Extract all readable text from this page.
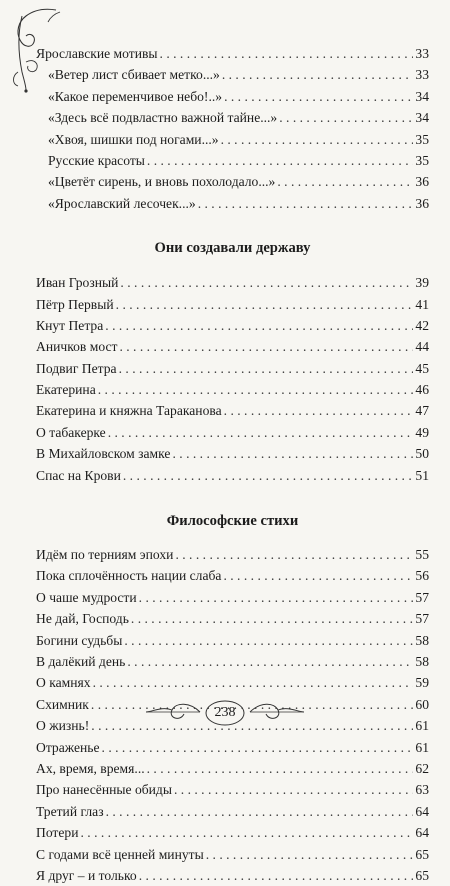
Ярославские мотивы . . .	33
«Ветер лист сбивает метко...» . . .	33
«Какое переменчивое небо!..» . . .	34
«Здесь всё подвластно важной тайне...» . . .	34
«Хвоя, шишки под ногами...» . . .	35
Русские красоты . . .	35
«Цветёт сирень, и вновь похолодало...» . . .	36
«Ярославский лесочек...» . . .	36
Они создавали державу
Иван Грозный . . .	39
Пётр Первый . . .	41
Кнут Петра . . .	42
Аничков мост . . .	44
Подвиг Петра . . .	45
Екатерина . . .	46
Екатерина и княжна Тараканова . . .	47
О табакерке . . .	49
В Михайловском замке . . .	50
Спас на Крови . . .	51
Философские стихи
Идём по терниям эпохи . . .	55
Пока сплочённость нации слаба . . .	56
О чаше мудрости . . .	57
Не дай, Господь . . .	57
Богини судьбы . . .	58
В далёкий день . . .	58
О камнях . . .	59
Схимник . . .	60
О жизнь! . . .	61
Отраженье . . .	61
Ах, время, время... . . .	62
Про нанесённые обиды . . .	63
Третий глаз . . .	64
Потери . . .	64
С годами всё ценней минуты . . .	65
Я друг – и только . . .	65
238
